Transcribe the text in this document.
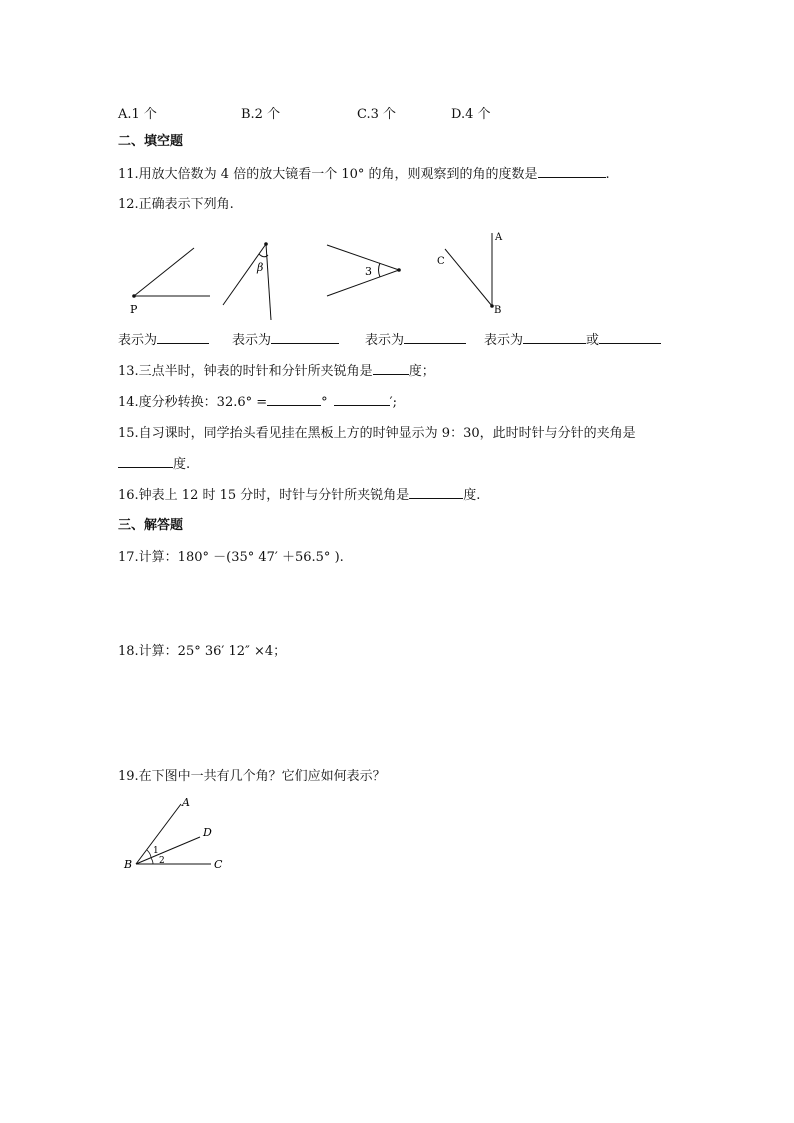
A.1 个	B.2 个	C.3 个	D.4 个
二、填空题
11.用放大倍数为 4 倍的放大镜看一个 10° 的角，则观察到的角的度数是	.
12.正确表示下列角.
P
β	3
A
B
C
表示为	表示为	表示为	表示为	或
13.三点半时，钟表的时针和分针所夹锐角是	度；
14.度分秒转换：32.6° =	°	′;
15.自习课时，同学抬头看见挂在黑板上方的时钟显示为 9：30，此时时针与分针的夹角是
度.
16.钟表上 12 时 15 分时，时针与分针所夹锐角是	度.
三、解答题
17.计算：180° －(35° 47′ ＋56.5° ).
18.计算：25° 36′ 12″ ×4；
19.在下图中一共有几个角？它们应如何表示？
A
B	C
D
1
2
